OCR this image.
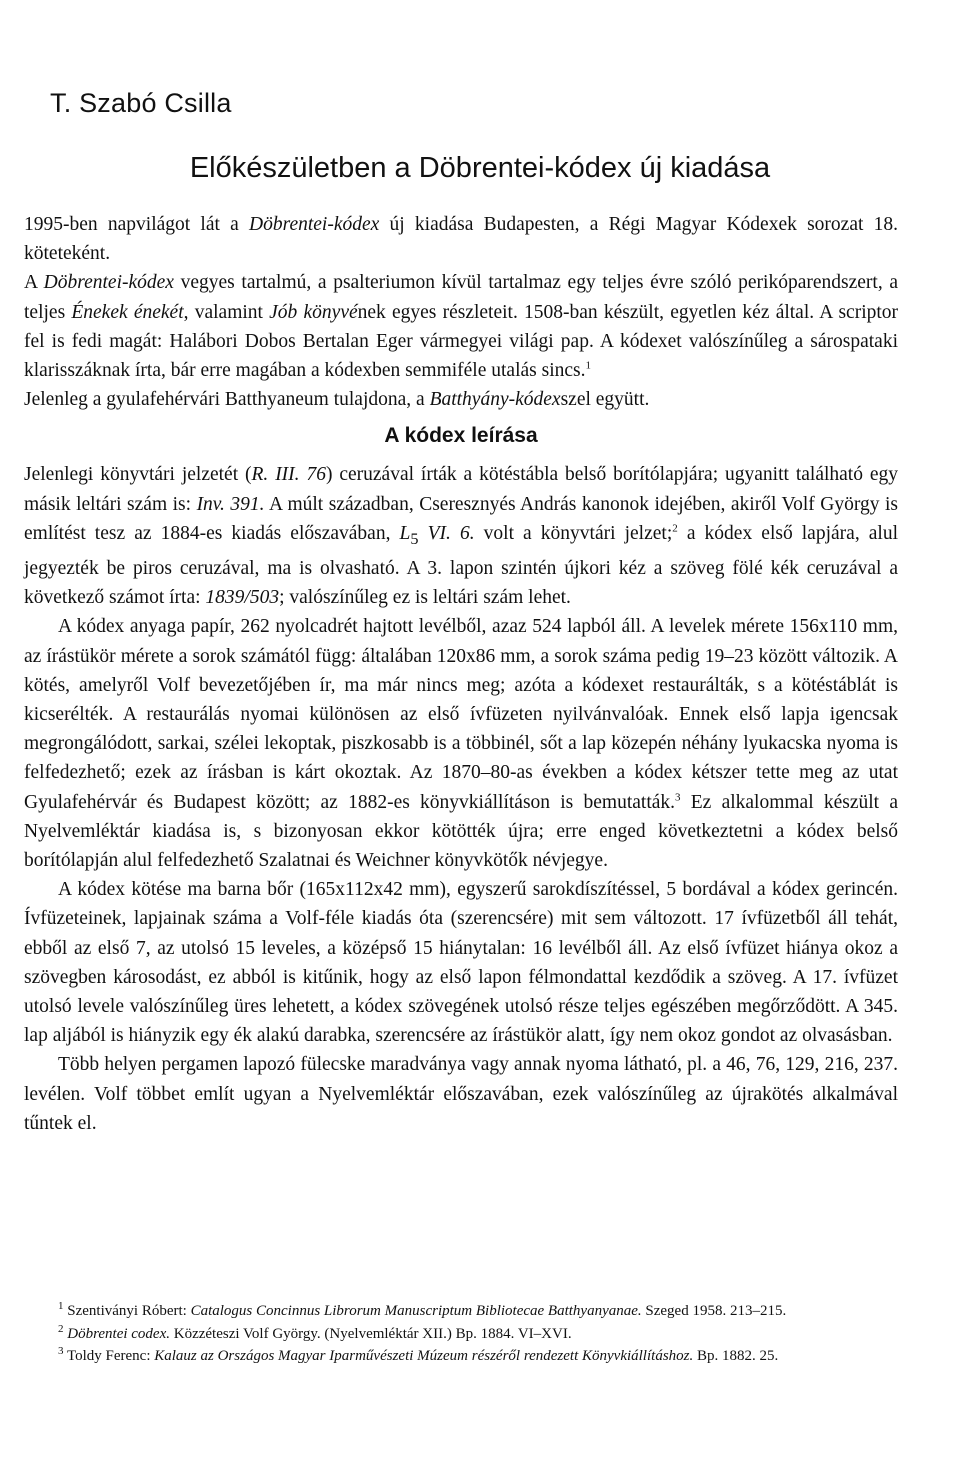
T. Szabó Csilla
Előkészületben a Döbrentei-kódex új kiadása

1995-ben napvilágot lát a Döbrentei-kódex új kiadása Budapesten, a Régi Magyar Kódexek sorozat 18. köteteként.

A Döbrentei-kódex vegyes tartalmú, a psalteriumon kívül tartalmaz egy teljes évre szóló perikóparendszert, a teljes Énekek énekét, valamint Jób könyvének egyes részleteit. 1508-ban készült, egyetlen kéz által. A scriptor fel is fedi magát: Halábori Dobos Bertalan Eger vármegyei világi pap. A kódexet valószínűleg a sárospataki klarisszáknak írta, bár erre magában a kódexben semmiféle utalás sincs.$^1$

Jelenleg a gyulafehérvári Batthyaneum tulajdona, a Batthyány-kódexszel együtt.

A kódex leírása

Jelenlegi könyvtári jelzetét (R. III. 76) ceruzával írták a kötéstábla belső borítólapjára; ugyanitt található egy másik leltári szám is: Inv. 391. A múlt században, Cseresznyés András kanonok idejében, akiről Volf György is említést tesz az 1884-es kiadás előszavában, $L_5$ VI. 6. volt a könyvtári jelzet;$^2$ a kódex első lapjára, alul jegyezték be piros ceruzával, ma is olvasható. A 3. lapon szintén újkori kéz a szöveg fölé kék ceruzával a következő számot írta: 1839/503; valószínűleg ez is leltári szám lehet.

A kódex anyaga papír, 262 nyolcadrét hajtott levélből, azaz 524 lapból áll. A levelek mérete 156x110 mm, az írástükör mérete a sorok számától függ: általában 120x86 mm, a sorok száma pedig 19–23 között változik. A kötés, amelyről Volf bevezetőjében ír, ma már nincs meg; azóta a kódexet restaurálták, s a kötéstáblát is kicserélték. A restaurálás nyomai különösen az első ívfüzeten nyilvánvalóak. Ennek első lapja igencsak megrongálódott, sarkai, szélei lekoptak, piszkosabb is a többinél, sőt a lap közepén néhány lyukacska nyoma is felfedezhető; ezek az írásban is kárt okoztak. Az 1870–80-as években a kódex kétszer tette meg az utat Gyulafehérvár és Budapest között; az 1882-es könyvkiállításon is bemutatták.$^3$ Ez alkalommal készült a Nyelvemléktár kiadása is, s bizonyosan ekkor kötötték újra; erre enged következtetni a kódex belső borítólapján alul felfedezhető Szalatnai és Weichner könyvkötők névjegye.

A kódex kötése ma barna bőr (165x112x42 mm), egyszerű sarokdíszítéssel, 5 bordával a kódex gerincén. Ívfüzeteinek, lapjainak száma a Volf-féle kiadás óta (szerencsére) mit sem változott. 17 ívfüzetből áll tehát, ebből az első 7, az utolsó 15 leveles, a középső 15 hiánytalan: 16 levélből áll. Az első ívfüzet hiánya okoz a szövegben károsodást, ez abból is kitűnik, hogy az első lapon félmondattal kezdődik a szöveg. A 17. ívfüzet utolsó levele valószínűleg üres lehetett, a kódex szövegének utolsó része teljes egészében megőrződött. A 345. lap aljából is hiányzik egy ék alakú darabka, szerencsére az írástükör alatt, így nem okoz gondot az olvasásban.

Több helyen pergamen lapozó fülecske maradványa vagy annak nyoma látható, pl. a 46, 76, 129, 216, 237. levélen. Volf többet említ ugyan a Nyelvemléktár előszavában, ezek valószínűleg az újrakötés alkalmával tűntek el.

$^1$ Szentiványi Róbert: Catalogus Concinnus Librorum Manuscriptum Bibliotecae Batthyanyanae. Szeged 1958. 213–215.

$^2$ Döbrentei codex. Közzéteszi Volf György. (Nyelvemléktár XII.) Bp. 1884. VI–XVI.

$^3$ Toldy Ferenc: Kalauz az Országos Magyar Iparművészeti Múzeum részéről rendezett Könyvkiállításhoz. Bp. 1882. 25.
